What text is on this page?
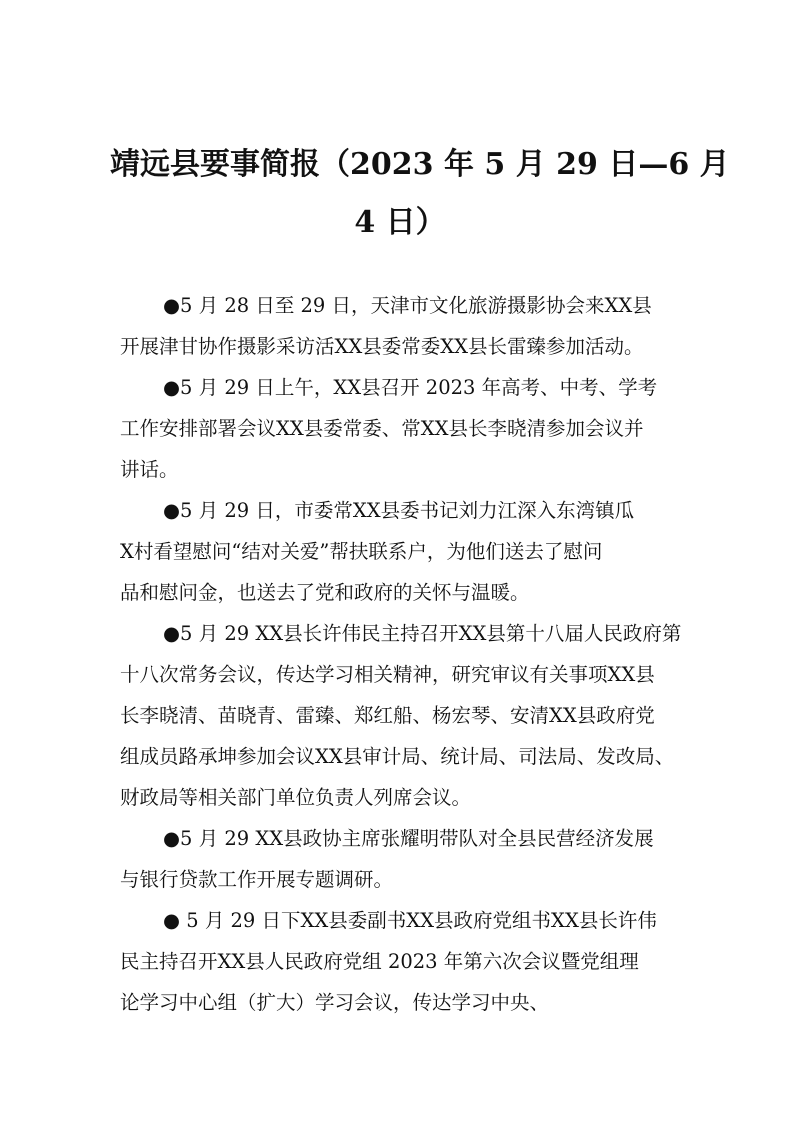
靖远县要事简报（2023 年 5 月 29 日—6 月
4 日）

●5 月 28 日至 29 日，天津市文化旅游摄影协会来XX县
开展津甘协作摄影采访活XX县委常委XX县长雷臻参加活动。

●5 月 29 日上午，XX县召开 2023 年高考、中考、学考
工作安排部署会议XX县委常委、常XX县长李晓清参加会议并
讲话。

●5 月 29 日，市委常XX县委书记刘力江深入东湾镇瓜
X村看望慰问“结对关爱”帮扶联系户，为他们送去了慰问
品和慰问金，也送去了党和政府的关怀与温暖。

●5 月 29 XX县长许伟民主持召开XX县第十八届人民政府第
十八次常务会议，传达学习相关精神，研究审议有关事项XX县
长李晓清、苗晓青、雷臻、郑红船、杨宏琴、安清XX县政府党
组成员路承坤参加会议XX县审计局、统计局、司法局、发改局、
财政局等相关部门单位负责人列席会议。

●5 月 29 XX县政协主席张耀明带队对全县民营经济发展
与银行贷款工作开展专题调研。

● 5 月 29 日下XX县委副书XX县政府党组书XX县长许伟
民主持召开XX县人民政府党组 2023 年第六次会议暨党组理
论学习中心组（扩大）学习会议，传达学习中央、
